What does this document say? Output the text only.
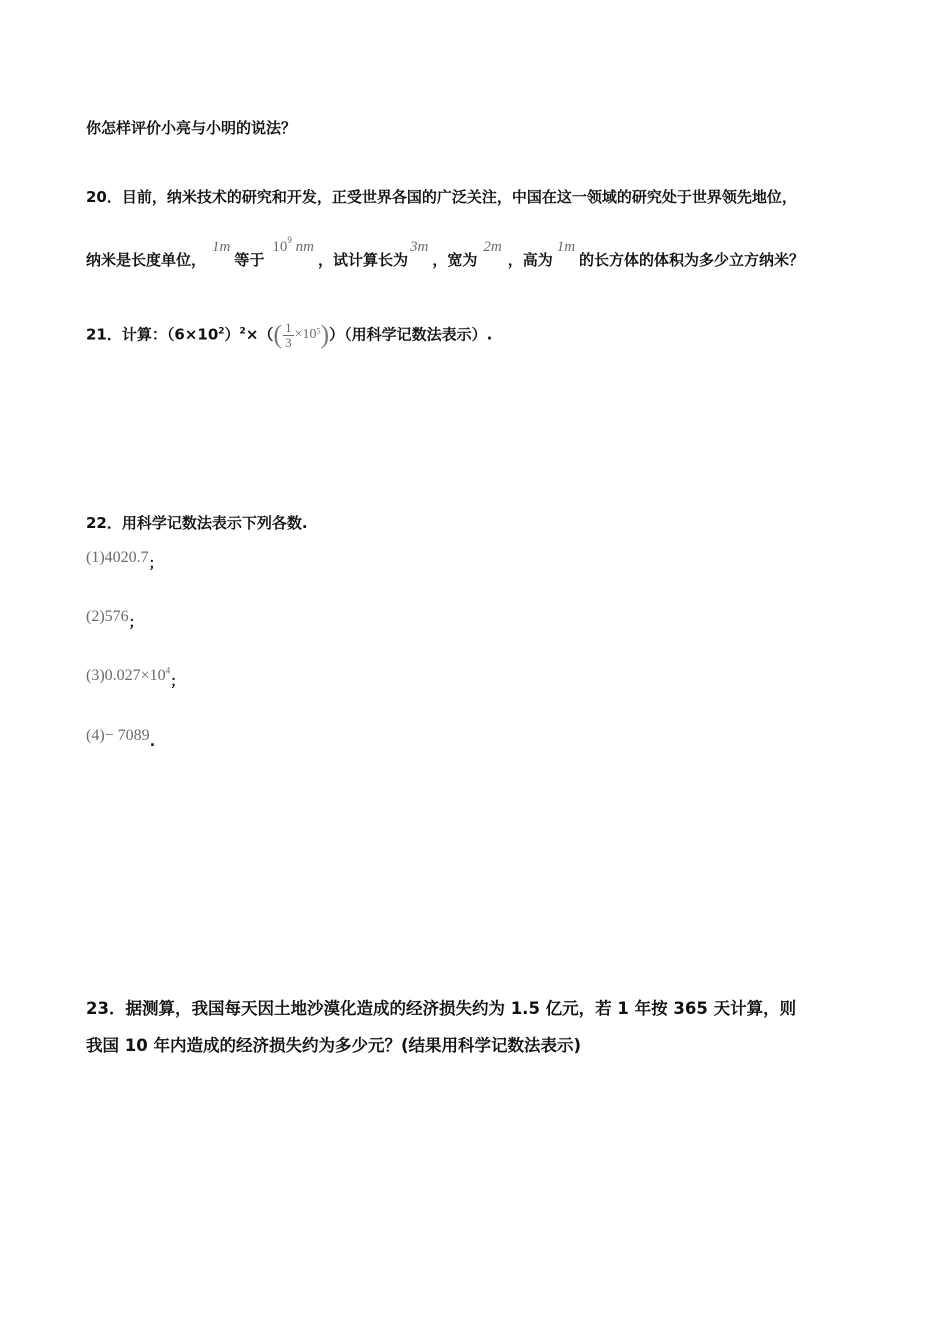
你怎样评价小亮与小明的说法？
20．目前，纳米技术的研究和开发，正受世界各国的广泛关注，中国在这一领域的研究处于世界领先地位，
纳米是长度单位，1m等于$10^9$ nm，试计算长为3m，宽为2m，高为1m的长方体的体积为多少立方纳米？
21．计算：$(6\times 10^2)^2\times(( \frac{1}{3} \times 10^5))$（用科学记数法表示）.
22．用科学记数法表示下列各数.
(1)4020.7；
(2)576；
$(3)0.027\times 10^4$；
(4)− 7089.
23．据测算，我国每天因土地沙漠化造成的经济损失约为 1.5 亿元，若 1 年按 365 天计算，则
我国 10 年内造成的经济损失约为多少元？(结果用科学记数法表示)
